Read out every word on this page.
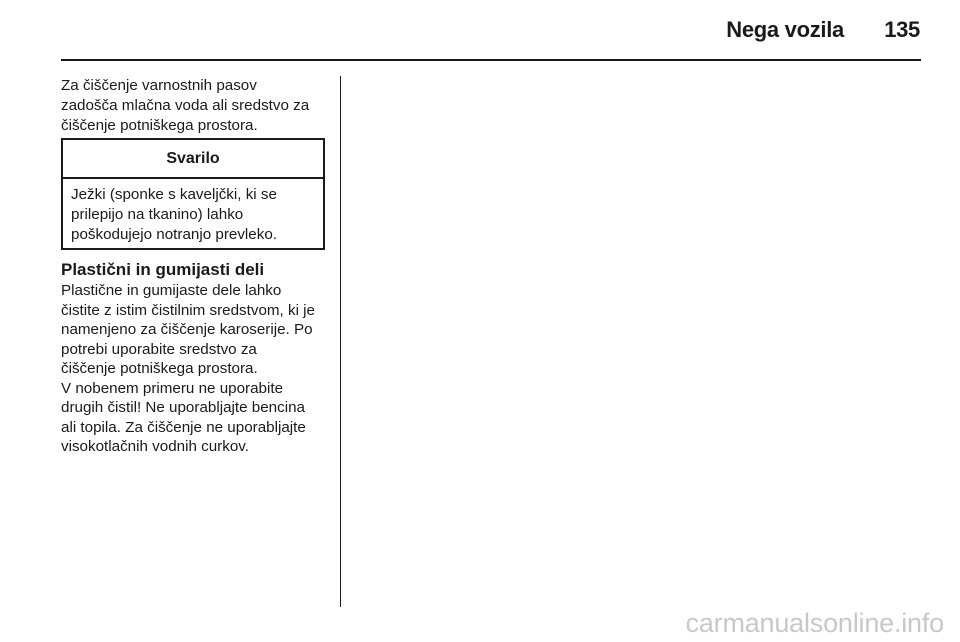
Nega vozila 135

Za čiščenje varnostnih pasov
zadošča mlačna voda ali sredstvo za
čiščenje potniškega prostora.

Svarilo
Ježki (sponke s kaveljčki, ki se
prilepijo na tkanino) lahko
poškodujejo notranjo prevleko.
Plastični in gumijasti deli
Plastične in gumijaste dele lahko
čistite z istim čistilnim sredstvom, ki je
namenjeno za čiščenje karoserije. Po
potrebi uporabite sredstvo za
čiščenje potniškega prostora.
V nobenem primeru ne uporabite
drugih čistil! Ne uporabljajte bencina
ali topila. Za čiščenje ne uporabljajte
visokotlačnih vodnih curkov.
carmanualsonline.info
